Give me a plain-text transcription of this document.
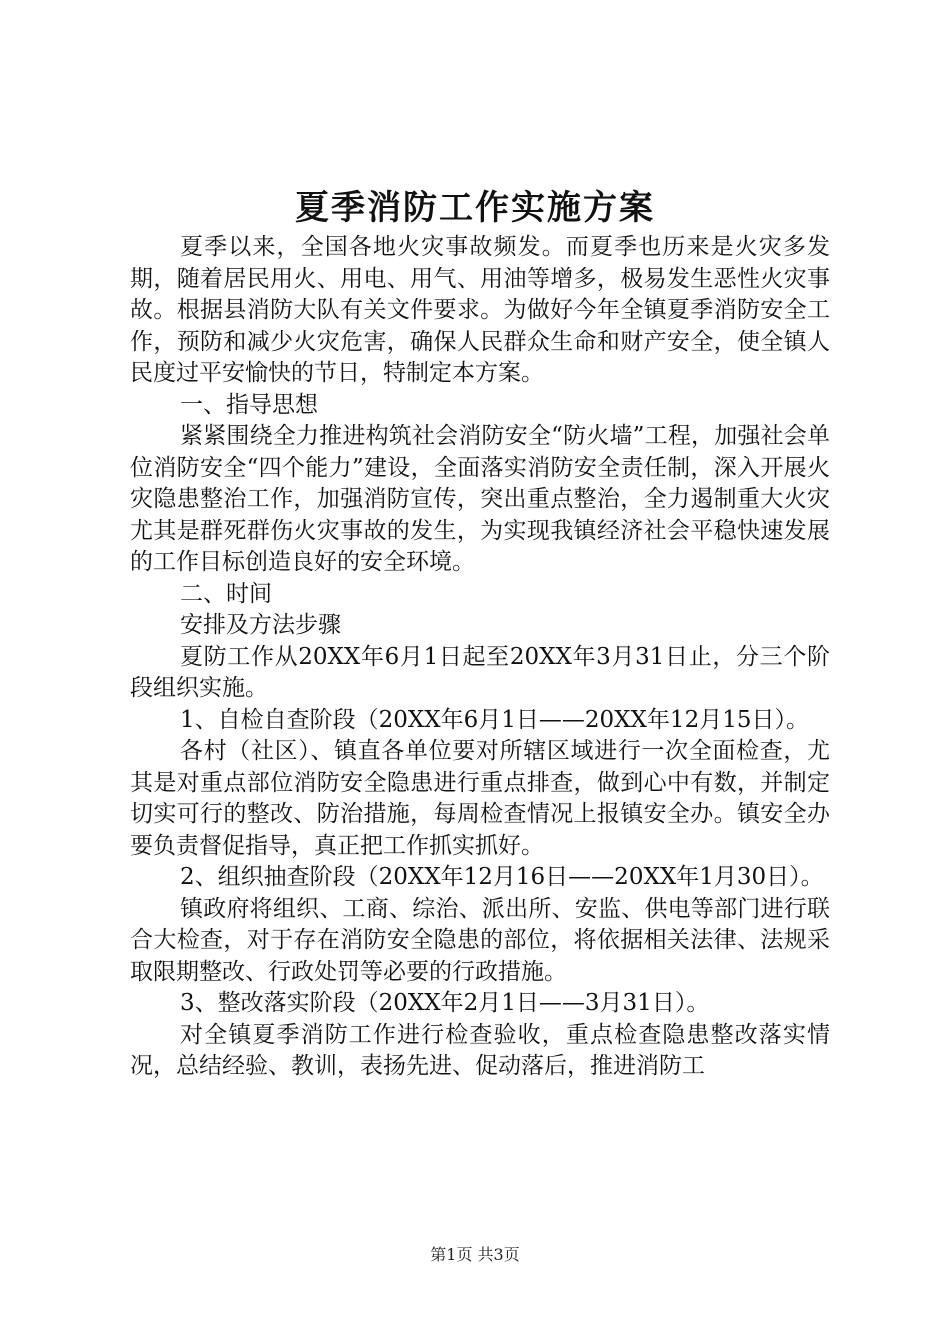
夏季消防工作实施方案

夏季以来，全国各地火灾事故频发。而夏季也历来是火灾多发期，随着居民用火、用电、用气、用油等增多，极易发生恶性火灾事故。根据县消防大队有关文件要求。为做好今年全镇夏季消防安全工作，预防和减少火灾危害，确保人民群众生命和财产安全，使全镇人民度过平安愉快的节日，特制定本方案。

一、指导思想

紧紧围绕全力推进构筑社会消防安全“防火墙”工程，加强社会单位消防安全“四个能力”建设，全面落实消防安全责任制，深入开展火灾隐患整治工作，加强消防宣传，突出重点整治，全力遏制重大火灾尤其是群死群伤火灾事故的发生，为实现我镇经济社会平稳快速发展的工作目标创造良好的安全环境。

二、时间

安排及方法步骤

夏防工作从20XX年6月1日起至20XX年3月31日止，分三个阶段组织实施。

1、自检自查阶段（20XX年6月1日——20XX年12月15日）。

各村（社区）、镇直各单位要对所辖区域进行一次全面检查，尤其是对重点部位消防安全隐患进行重点排查，做到心中有数，并制定切实可行的整改、防治措施，每周检查情况上报镇安全办。镇安全办要负责督促指导，真正把工作抓实抓好。

2、组织抽查阶段（20XX年12月16日——20XX年1月30日）。

镇政府将组织、工商、综治、派出所、安监、供电等部门进行联合大检查，对于存在消防安全隐患的部位，将依据相关法律、法规采取限期整改、行政处罚等必要的行政措施。

3、整改落实阶段（20XX年2月1日——3月31日）。

对全镇夏季消防工作进行检查验收，重点检查隐患整改落实情况，总结经验、教训，表扬先进、促动落后，推进消防工

第1页 共3页
